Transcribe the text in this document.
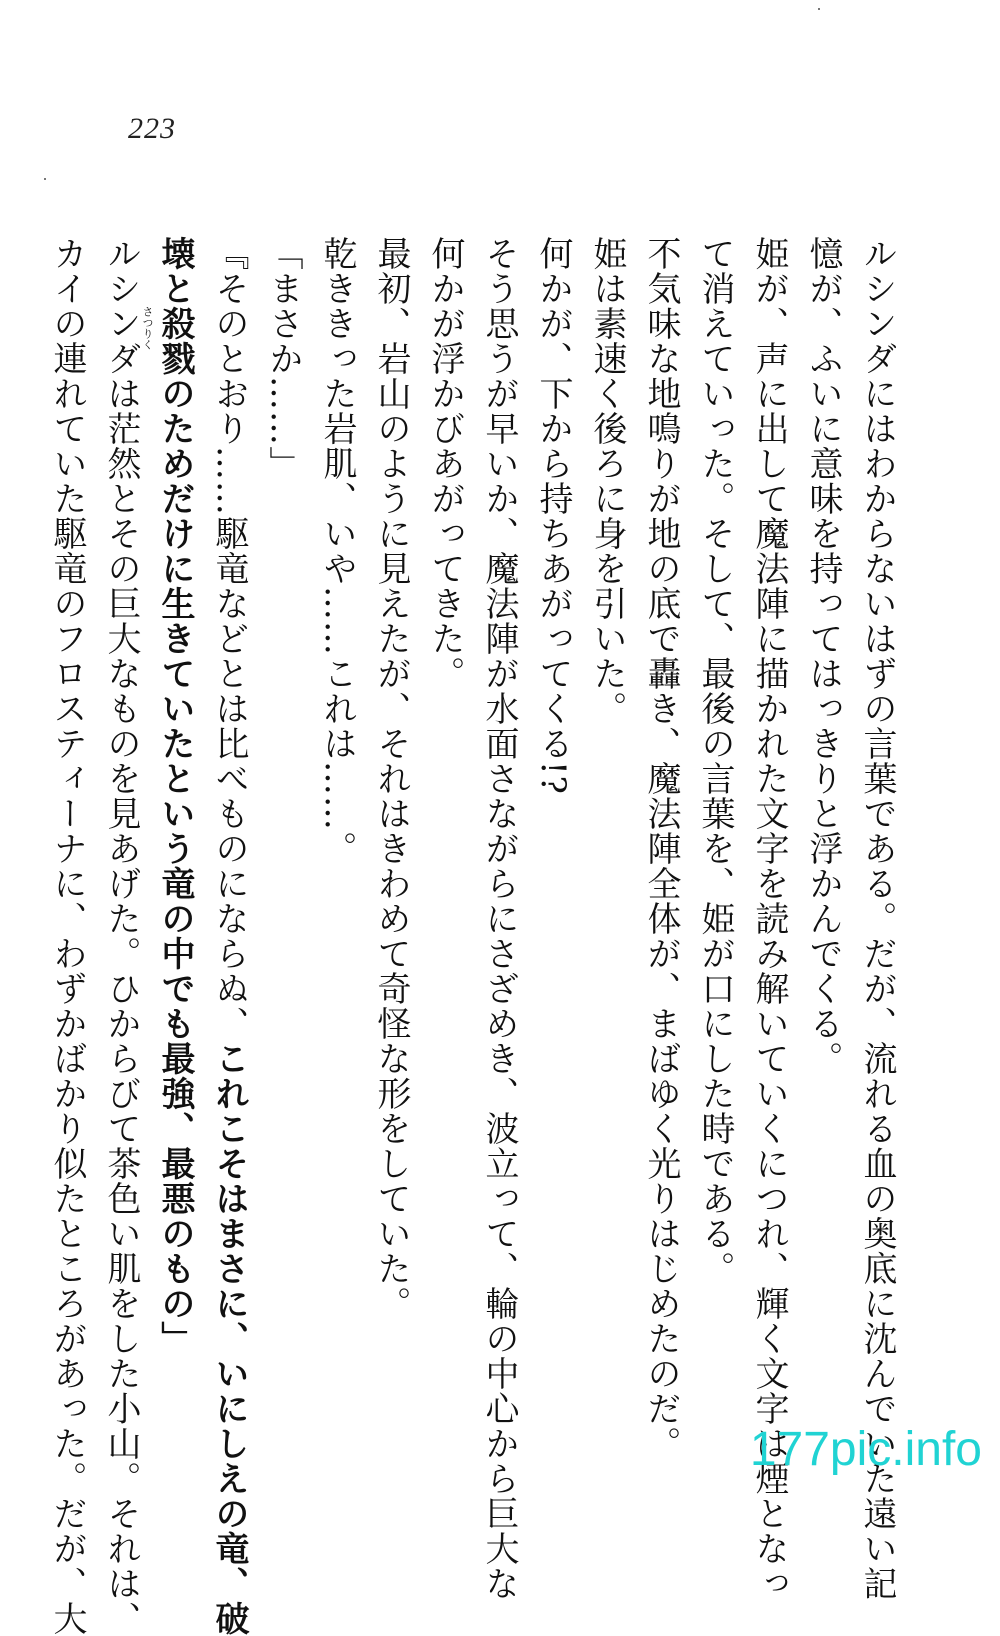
223
ルシンダにはわからないはずの言葉である。だが、流れる血の奥底に沈んでいた遠い記
憶が、ふいに意味を持ってはっきりと浮かんでくる。
姫が、声に出して魔法陣に描かれた文字を読み解いていくにつれ、輝く文字は煙となっ
て消えていった。そして、最後の言葉を、姫が口にした時である。
不気味な地鳴りが地の底で轟き、魔法陣全体が、まばゆく光りはじめたのだ。
姫は素速く後ろに身を引いた。
何かが、下から持ちあがってくる!?
そう思うが早いか、魔法陣が水面さながらにさざめき、波立って、輪の中心から巨大な
何かが浮かびあがってきた。
最初、岩山のように見えたが、それはきわめて奇怪な形をしていた。
乾ききった岩肌、いや……これは……。
「まさか……」
『そのとおり……駆竜などとは比べものにならぬ、これこそはまさに、いにしえの竜、破
壊と
さつりく 殺戮のためだけに生きていたという竜の中でも最強、最悪のもの」
ルシンダは茫然とその巨大なものを見あげた。ひからびて茶色い肌をした小山。それは、
カイの連れていた駆竜のフロスティーナに、わずかばかり似たところがあった。だが、大	177pic.info
